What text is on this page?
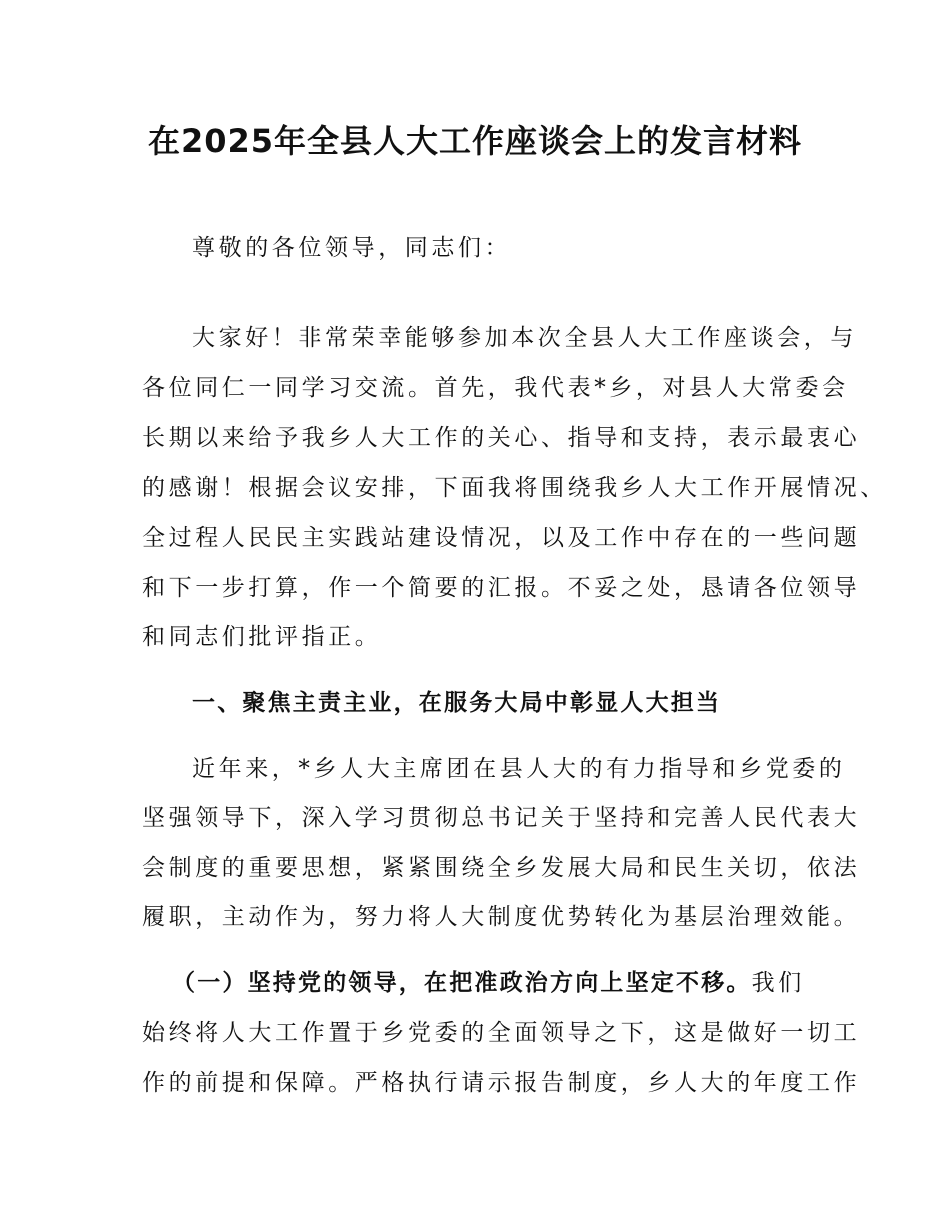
在2025年全县人大工作座谈会上的发言材料
尊敬的各位领导，同志们：
大家好！非常荣幸能够参加本次全县人大工作座谈会，与
各位同仁一同学习交流。首先，我代表*乡，对县人大常委会
长期以来给予我乡人大工作的关心、指导和支持，表示最衷心
的感谢！根据会议安排，下面我将围绕我乡人大工作开展情况、
全过程人民民主实践站建设情况，以及工作中存在的一些问题
和下一步打算，作一个简要的汇报。不妥之处，恳请各位领导
和同志们批评指正。
一、聚焦主责主业，在服务大局中彰显人大担当
近年来，*乡人大主席团在县人大的有力指导和乡党委的
坚强领导下，深入学习贯彻总书记关于坚持和完善人民代表大
会制度的重要思想，紧紧围绕全乡发展大局和民生关切，依法
履职，主动作为，努力将人大制度优势转化为基层治理效能。
（一）坚持党的领导，在把准政治方向上坚定不移。我们
始终将人大工作置于乡党委的全面领导之下，这是做好一切工
作的前提和保障。严格执行请示报告制度，乡人大的年度工作
